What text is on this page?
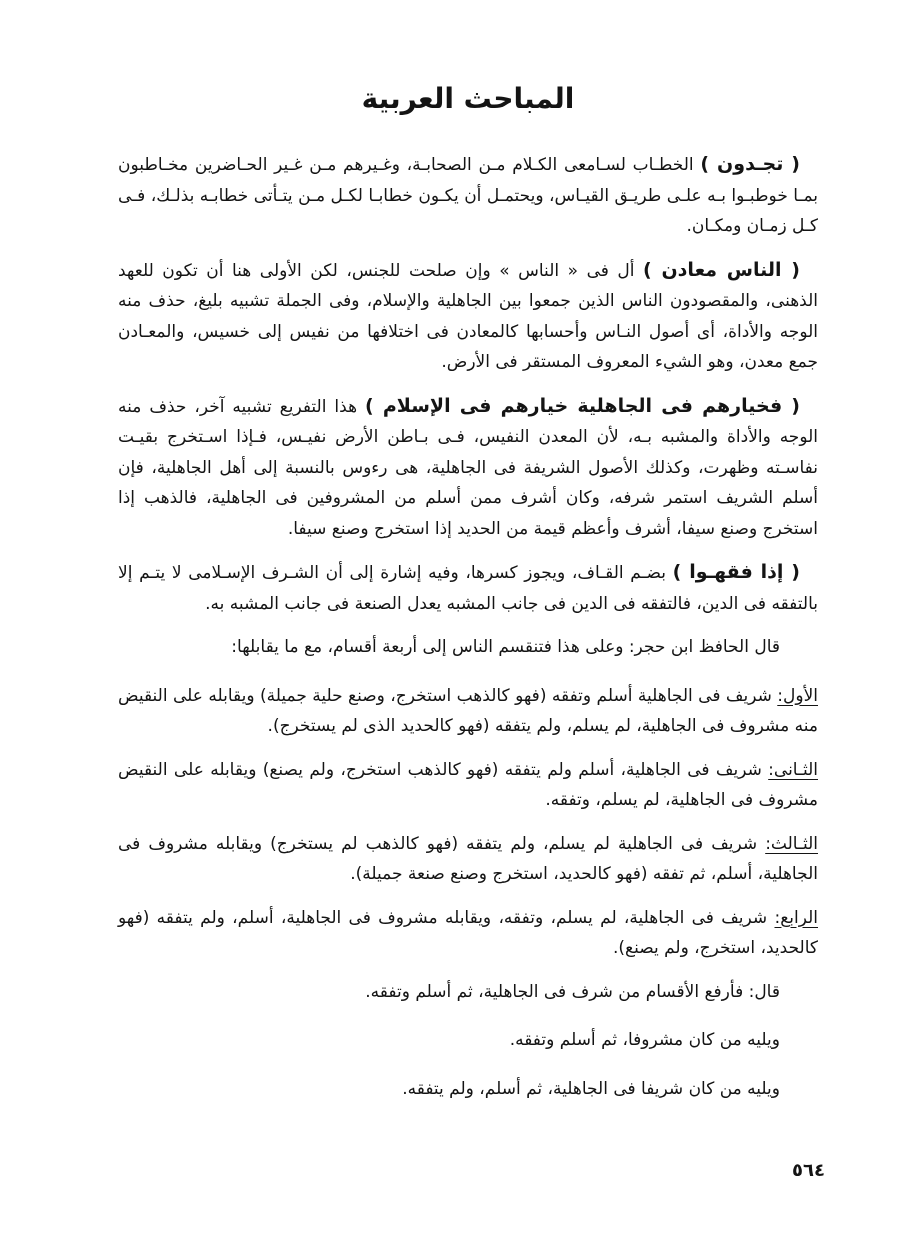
المباحث العربية
( تجـدون ) الخطـاب لسـامعى الكـلام مـن الصحابـة، وغـيرهم مـن غـير الحـاضرين مخـاطبون بمـا خوطبـوا بـه علـى طريـق القيـاس، ويحتمـل أن يكـون خطابـا لكـل مـن يتـأتى خطابـه بذلـك، فـى كـل زمـان ومكـان.
( الناس معادن ) أل فى « الناس » وإن صلحت للجنس، لكن الأولى هنا أن تكون للعهد الذهنى، والمقصودون الناس الذين جمعوا بين الجاهلية والإسلام، وفى الجملة تشبيه بليغ، حذف منه الوجه والأداة، أى أصول النـاس وأحسابها كالمعادن فى اختلافها من نفيس إلى خسيس، والمعـادن جمع معدن، وهو الشيء المعروف المستقر فى الأرض.
( فخيارهم فى الجاهلية خيارهم فى الإسلام ) هذا التفريع تشبيه آخر، حذف منه الوجه والأداة والمشبه بـه، لأن المعدن النفيس، فـى بـاطن الأرض نفيـس، فـإذا اسـتخرج بقيـت نفاسـته وظهرت، وكذلك الأصول الشريفة فى الجاهلية، هى رءوس بالنسبة إلى أهل الجاهلية، فإن أسلم الشريف استمر شرفه، وكان أشرف ممن أسلم من المشروفين فى الجاهلية، فالذهب إذا استخرج وصنع سيفا، أشرف وأعظم قيمة من الحديد إذا استخرج وصنع سيفا.
( إذا فقهـوا ) بضـم القـاف، ويجوز كسرها، وفيه إشارة إلى أن الشـرف الإسـلامى لا يتـم إلا بالتفقه فى الدين، فالتفقه فى الدين فى جانب المشبه يعدل الصنعة فى جانب المشبه به.
قال الحافظ ابن حجر: وعلى هذا فتنقسم الناس إلى أربعة أقسام، مع ما يقابلها:
الأول: شريف فى الجاهلية أسلم وتفقه (فهو كالذهب استخرج، وصنع حلية جميلة) ويقابله على النقيض منه مشروف فى الجاهلية، لم يسلم، ولم يتفقه (فهو كالحديد الذى لم يستخرج).
الثـانى: شريف فى الجاهلية، أسلم ولم يتفقه (فهو كالذهب استخرج، ولم يصنع) ويقابله على النقيض مشروف فى الجاهلية، لم يسلم، وتفقه.
الثـالث: شريف فى الجاهلية لم يسلم، ولم يتفقه (فهو كالذهب لم يستخرج) ويقابله مشروف فى الجاهلية، أسلم، ثم تفقه (فهو كالحديد، استخرج وصنع صنعة جميلة).
الرابع: شريف فى الجاهلية، لم يسلم، وتفقه، ويقابله مشروف فى الجاهلية، أسلم، ولم يتفقه (فهو كالحديد، استخرج، ولم يصنع).
قال: فأرفع الأقسام من شرف فى الجاهلية، ثم أسلم وتفقه.
ويليه من كان مشروفا، ثم أسلم وتفقه.
ويليه من كان شريفا فى الجاهلية، ثم أسلم، ولم يتفقه.
٥٦٤
